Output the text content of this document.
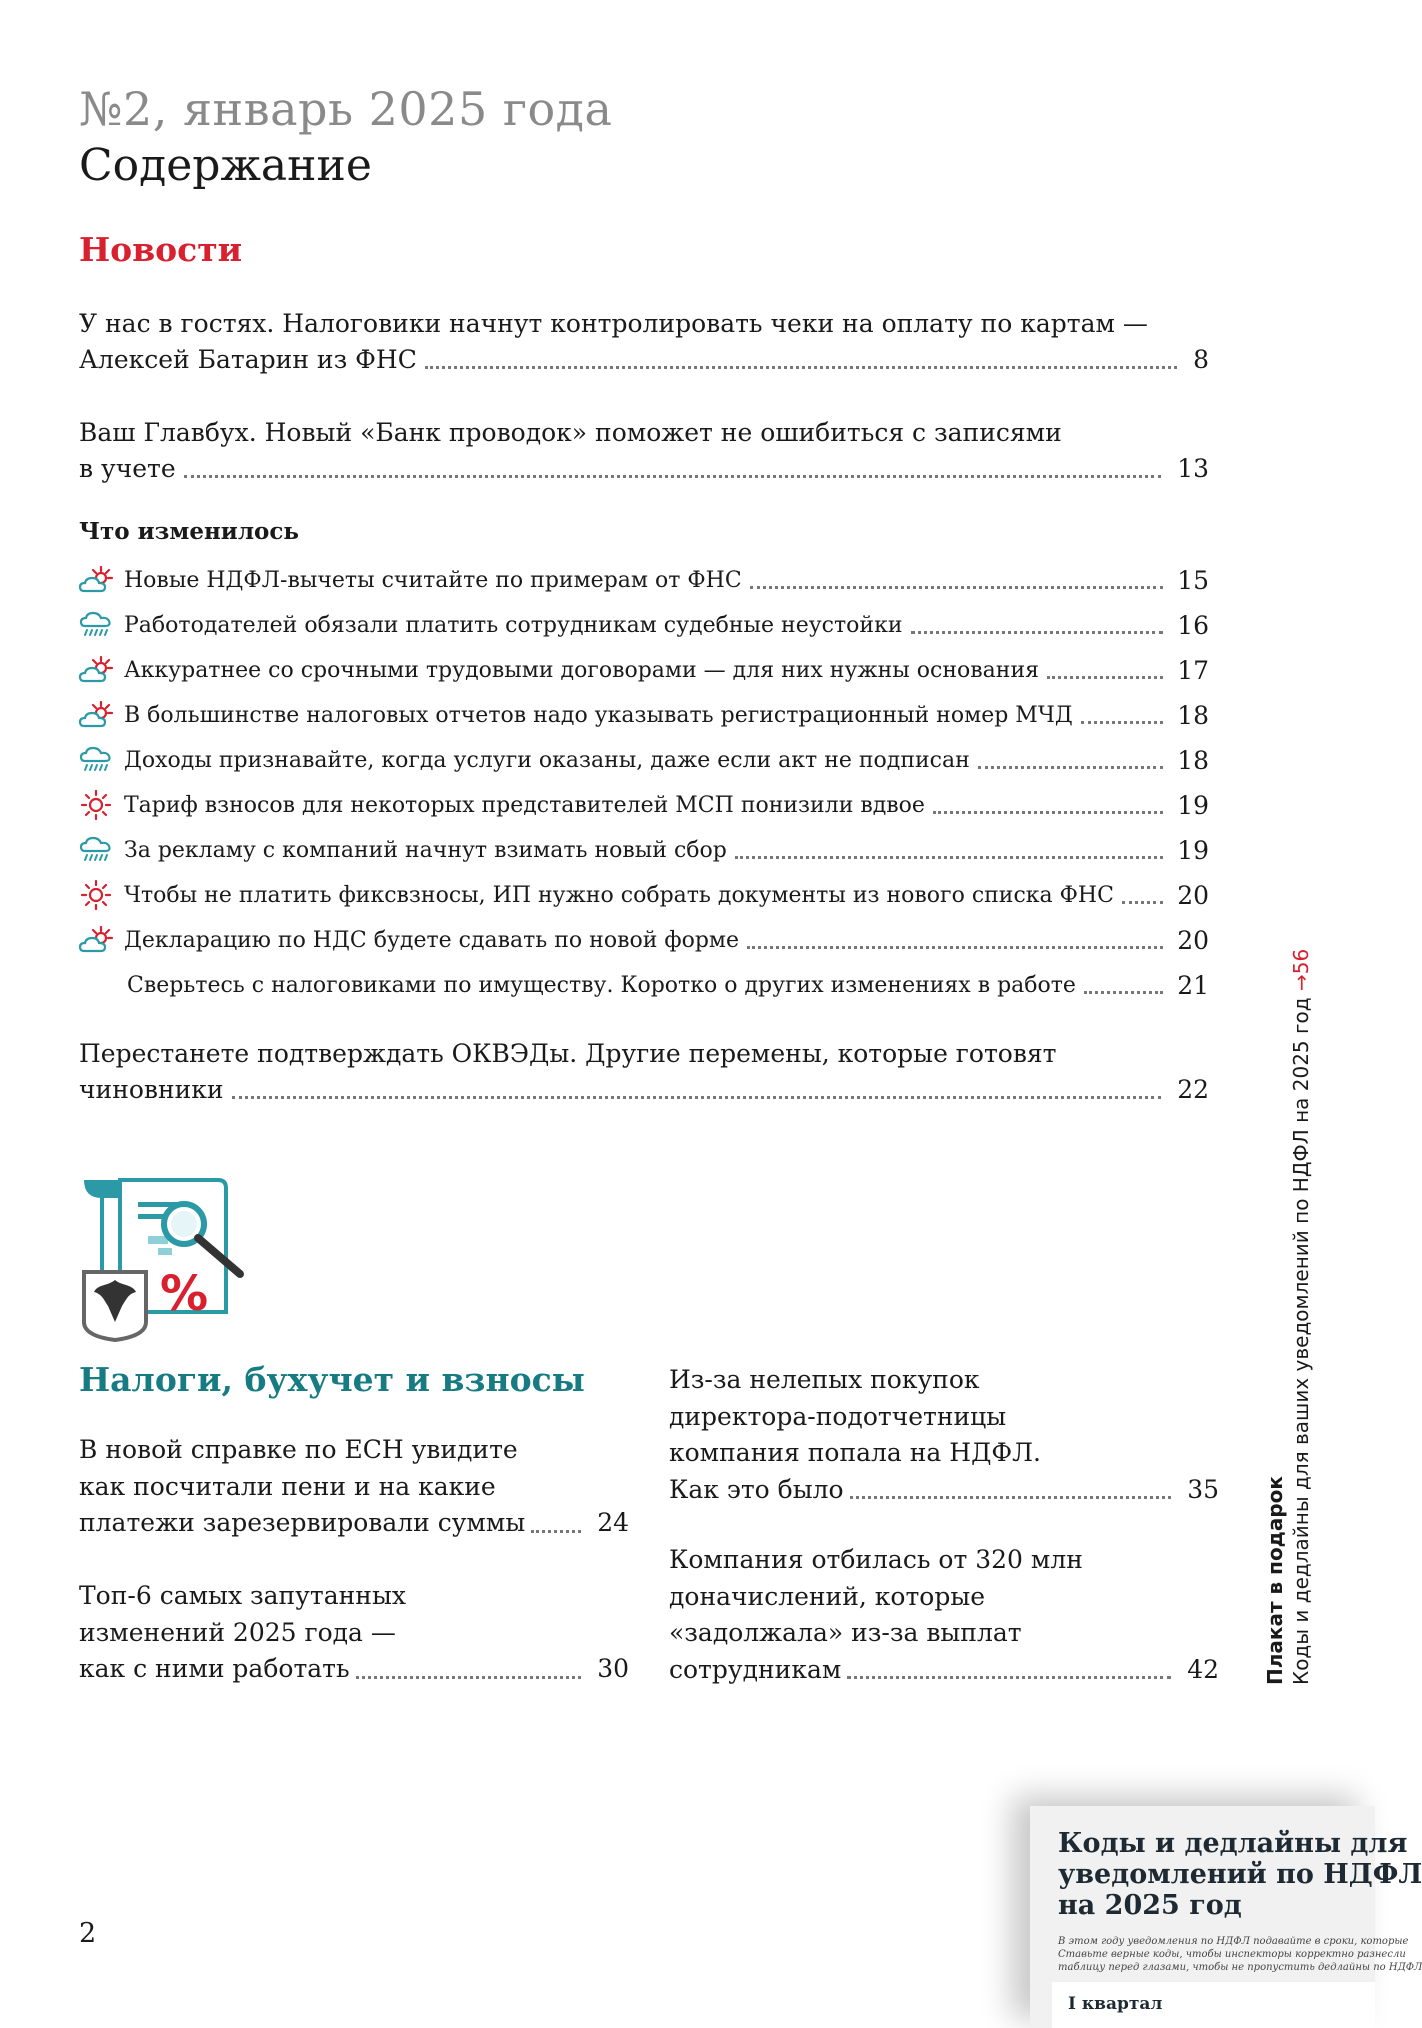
№2, январь 2025 года
Содержание
Новости
У нас в гостях. Налоговики начнут контролировать чеки на оплату по картам —
Алексей Батарин из ФНС	8
Ваш Главбух. Новый «Банк проводок» поможет не ошибиться с записями
в учете	13
Что изменилось
Новые НДФЛ-вычеты считайте по примерам от ФНС	15
Работодателей обязали платить сотрудникам судебные неустойки	16
Аккуратнее со срочными трудовыми договорами — для них нужны основания	17
В большинстве налоговых отчетов надо указывать регистрационный номер МЧД	18
Доходы признавайте, когда услуги оказаны, даже если акт не подписан	18
Тариф взносов для некоторых представителей МСП понизили вдвое	19
За рекламу с компаний начнут взимать новый сбор	19
Чтобы не платить фиксвзносы, ИП нужно собрать документы из нового списка ФНС	20
Декларацию по НДС будете сдавать по новой форме	20
Сверьтесь с налоговиками по имуществу. Коротко о других изменениях в работе	21
Перестанете подтверждать ОКВЭДы. Другие перемены, которые готовят
чиновники	22
%
Налоги, бухучет и взносы
В новой справке по ЕСН увидите
как посчитали пени и на какие
платежи зарезервировали суммы	24
Топ-6 самых запутанных
изменений 2025 года —
как с ними работать	30
Из-за нелепых покупок
директора-подотчетницы
компания попала на НДФЛ.
Как это было	35
Компания отбилась от 320 млн
доначислений, которые
«задолжала» из-за выплат
сотрудникам	42 Плакат в подарок Коды и дедлайны для ваших уведомлений по НДФЛ на 2025 год →56
2
Коды и дедлайны для
уведомлений по НДФЛ
на 2025 год
В этом году уведомления по НДФЛ подавайте в сроки, которые
Ставьте верные коды, чтобы инспекторы корректно разнесли
таблицу перед глазами, чтобы не пропустить дедлайны по НДФЛ
I квартал
